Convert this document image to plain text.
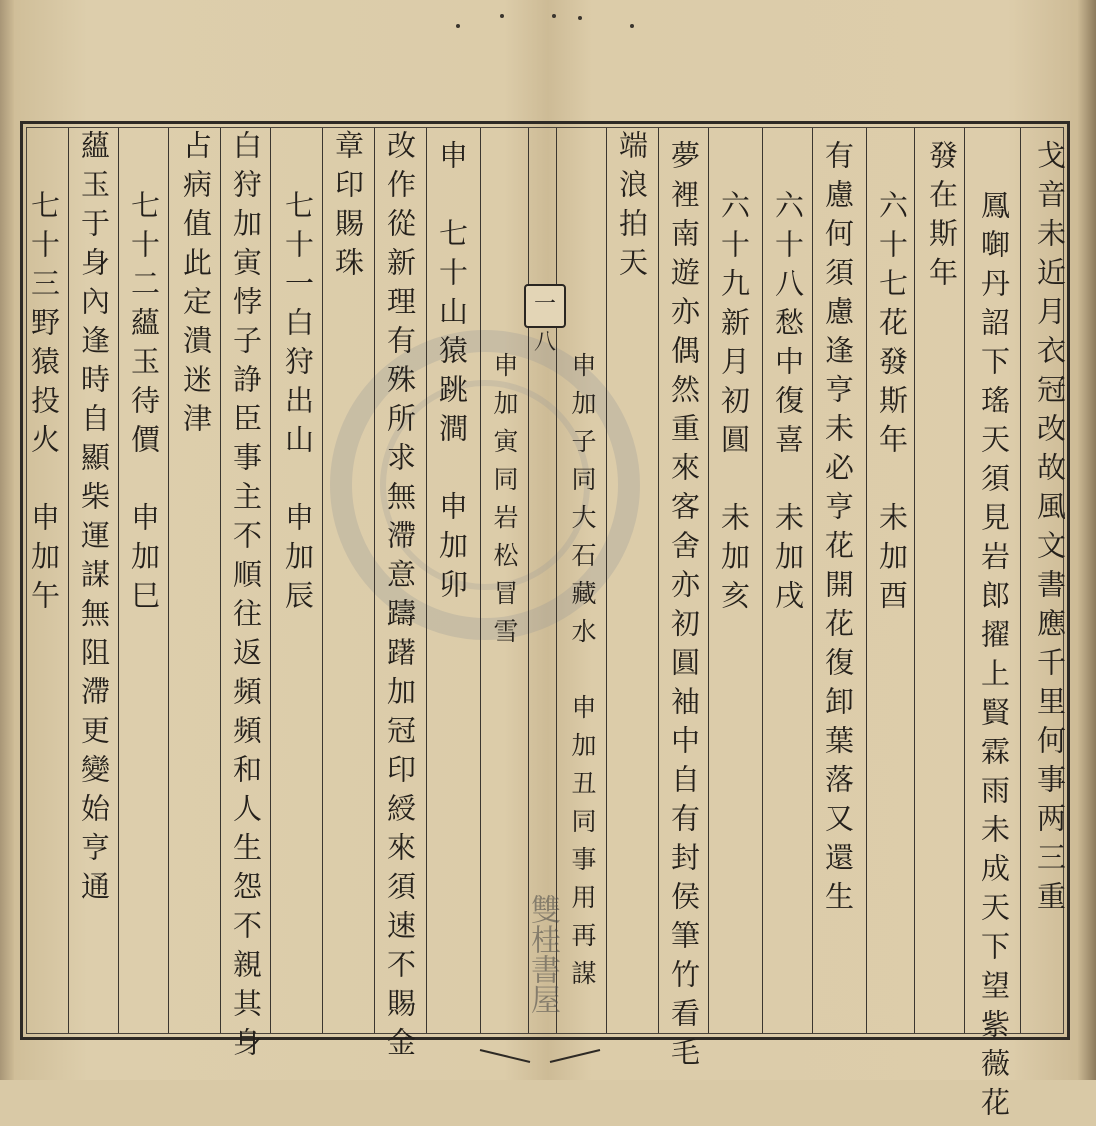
戈音未近月衣冠改故風文書應千里何事两三重
鳳啣丹詔下瑤天須見岩郎擢上賢霖雨未成天下望紫薇花
發在斯年
六十七花發斯年　未加酉
有慮何須慮逢亨未必亨花開花復卸葉落又還生
六十八愁中復喜　未加戌
六十九新月初圓　未加亥
夢裡南遊亦偶然重來客舍亦初圓袖中自有封侯筆竹看毛
端浪拍天
申加子同大石藏水　申加丑同事用再謀
一八
雙桂書屋
申加寅同岩松冒雪
申　七十山猿跳澗　申加卯
改作從新理有殊所求無滯意躊躇加冠印綬來須速不賜金
章印賜珠
七十一白狩出山　申加辰
白狩加寅悖子諍臣事主不順往返頻頻和人生怨不親其身
占病值此定潰迷津
七十二蘊玉待價　申加巳
蘊玉于身內逢時自顯柴運謀無阻滯更變始亨通
七十三野猿投火　申加午
